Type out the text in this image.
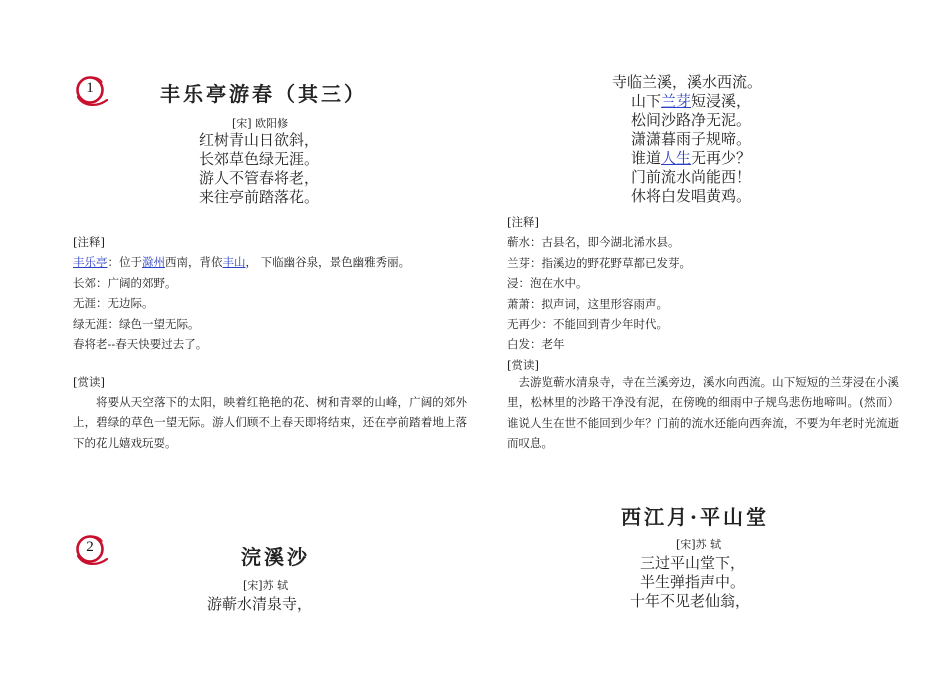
1	丰乐亭游春（其三）
[宋] 欧阳修
红树青山日欲斜，
长郊草色绿无涯。
游人不管春将老，
来往亭前踏落花。
[注释]
丰乐亭：位于滁州西南，背依丰山， 下临幽谷泉，景色幽雅秀丽。
长郊：广阔的郊野。
无涯：无边际。
绿无涯：绿色一望无际。
春将老--春天快要过去了。
[赏读]
将要从天空落下的太阳，映着红艳艳的花、树和青翠的山峰，广阔的郊外上，碧绿的草色一望无际。游人们顾不上春天即将结束，还在亭前踏着地上落下的花儿嬉戏玩耍。
2	浣溪沙
[宋]苏 轼
游蕲水清泉寺，
寺临兰溪，溪水西流。
山下兰芽短浸溪，
松间沙路净无泥。
潇潇暮雨子规啼。
谁道人生无再少？
门前流水尚能西！
休将白发唱黄鸡。
[注释]
蕲水：古县名，即今湖北浠水县。
兰芽：指溪边的野花野草都已发芽。
浸：泡在水中。
萧萧：拟声词，这里形容雨声。
无再少：不能回到青少年时代。
白发：老年
[赏读]
去游览蕲水清泉寺，寺在兰溪旁边，溪水向西流。山下短短的兰芽浸在小溪里，松林里的沙路干净没有泥，在傍晚的细雨中子规鸟悲伤地啼叫。(然而）谁说人生在世不能回到少年？门前的流水还能向西奔流，不要为年老时光流逝而叹息。
西江月·平山堂
[宋]苏 轼
三过平山堂下，
半生弹指声中。
十年不见老仙翁，
